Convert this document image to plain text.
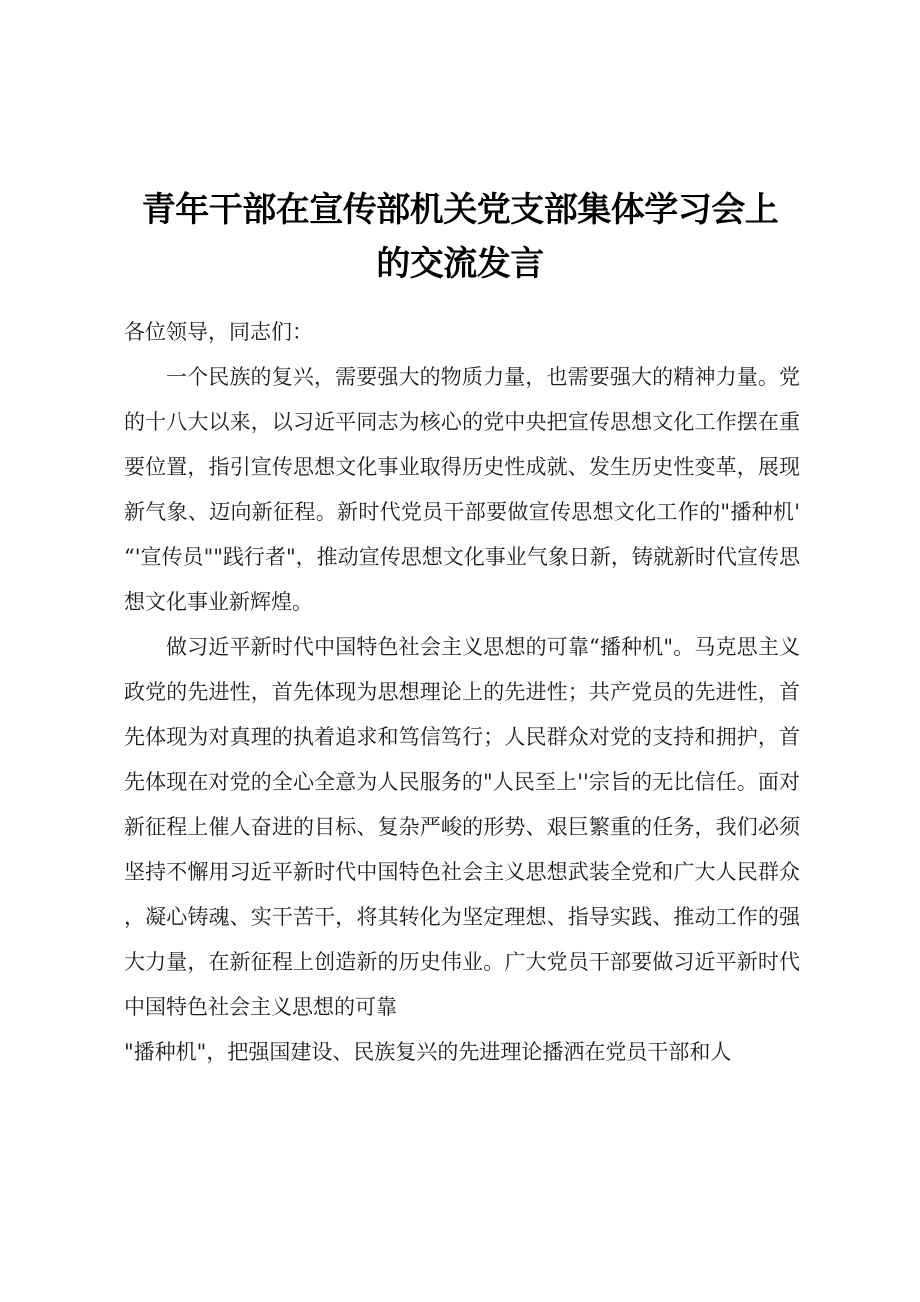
青年干部在宣传部机关党支部集体学习会上
的交流发言

各位领导，同志们：

一个民族的复兴，需要强大的物质力量，也需要强大的精神力量。党的十八大以来，以习近平同志为核心的党中央把宣传思想文化工作摆在重要位置，指引宣传思想文化事业取得历史性成就、发生历史性变革，展现新气象、迈向新征程。新时代党员干部要做宣传思想文化工作的"播种机'“'宣传员""践行者"，推动宣传思想文化事业气象日新，铸就新时代宣传思想文化事业新辉煌。

做习近平新时代中国特色社会主义思想的可靠“播种机"。马克思主义政党的先进性，首先体现为思想理论上的先进性；共产党员的先进性，首先体现为对真理的执着追求和笃信笃行；人民群众对党的支持和拥护，首先体现在对党的全心全意为人民服务的"人民至上''宗旨的无比信任。面对新征程上催人奋进的目标、复杂严峻的形势、艰巨繁重的任务，我们必须坚持不懈用习近平新时代中国特色社会主义思想武装全党和广大人民群众，凝心铸魂、实干苦干，将其转化为坚定理想、指导实践、推动工作的强大力量，在新征程上创造新的历史伟业。广大党员干部要做习近平新时代中国特色社会主义思想的可靠

"播种机"，把强国建设、民族复兴的先进理论播洒在党员干部和人
